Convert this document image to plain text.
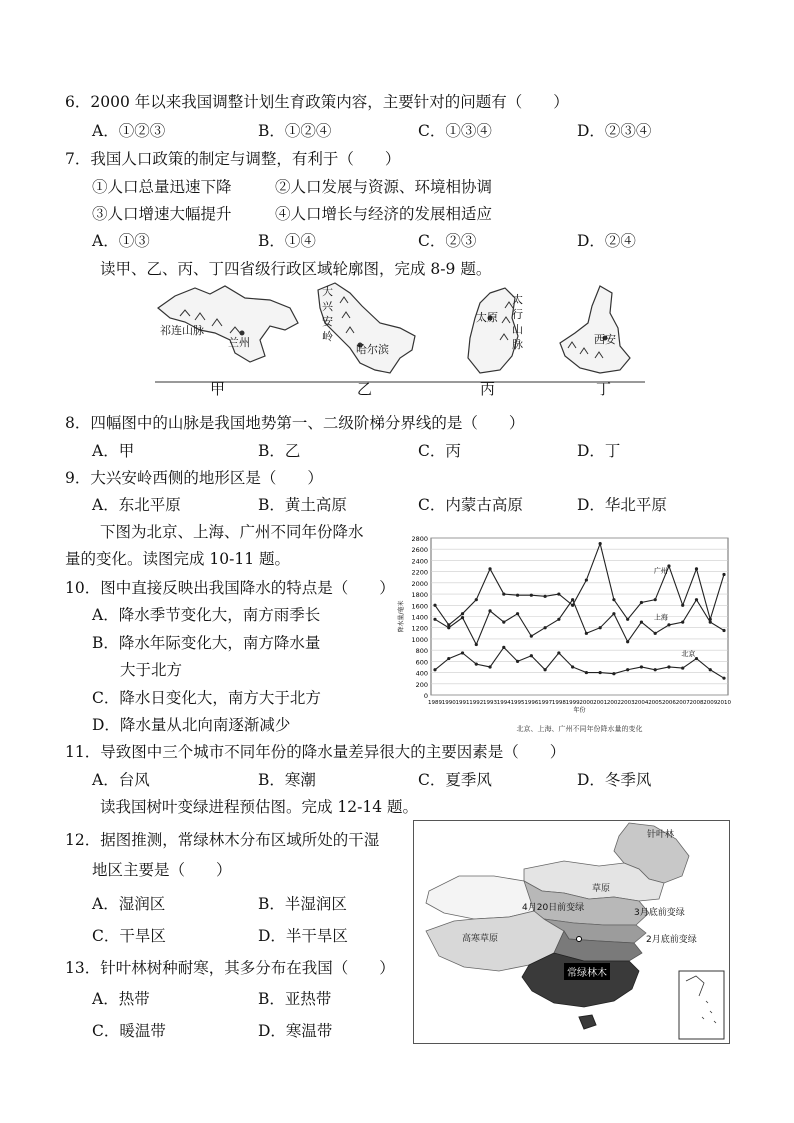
6．2000 年以来我国调整计划生育政策内容，主要针对的问题有（　　）
A．①②③	B．①②④	C．①③④	D．②③④
7．我国人口政策的制定与调整，有利于（　　）
①人口总量迅速下降	②人口发展与资源、环境相协调
③人口增速大幅提升	④人口增长与经济的发展相适应
A．①③	B．①④	C．②③	D．②④
读甲、乙、丙、丁四省级行政区域轮廓图，完成 8-9 题。
祁连山脉
兰州
大
兴
安
岭
哈尔滨
太原
太
行
山
脉	西安
甲	乙	丙	丁
8．四幅图中的山脉是我国地势第一、二级阶梯分界线的是（　　）
A．甲	B．乙	C．丙	D．丁
9．大兴安岭西侧的地形区是（　　）
A．东北平原	B．黄土高原	C．内蒙古高原	D．华北平原
下图为北京、上海、广州不同年份降水
量的变化。读图完成 10-11 题。
10．图中直接反映出我国降水的特点是（　　）
A．降水季节变化大，南方雨季长
B．降水年际变化大，南方降水量
大于北方
C．降水日变化大，南方大于北方
D．降水量从北向南逐渐减少
0
200
400
600
800
1000
1200
1400
1600
1800
2000
2200
2400
2600
2800
1989 1990 1991 1992 1993 1994 1995 1996 1997 1998 1999 2000 2001 2002 2003 2004 2005 2006 2007 2008 2009 2010
年份
降水量/毫米
广州
上海
北京
北京、上海、广州不同年份降水量的变化
11．导致图中三个城市不同年份的降水量差异很大的主要因素是（　　）
A．台风	B．寒潮	C．夏季风	D．冬季风
读我国树叶变绿进程预估图。完成 12-14 题。
12．据图推测，常绿林木分布区域所处的干湿
地区主要是（　　）
A．湿润区	B．半湿润区
C．干旱区	D．半干旱区
13．针叶林树种耐寒，其多分布在我国（　　）
A．热带	B．亚热带
C．暖温带	D．寒温带
针叶林
草原
4月20日前变绿	3月底前变绿
高寒草原	2月底前变绿
常绿林木
